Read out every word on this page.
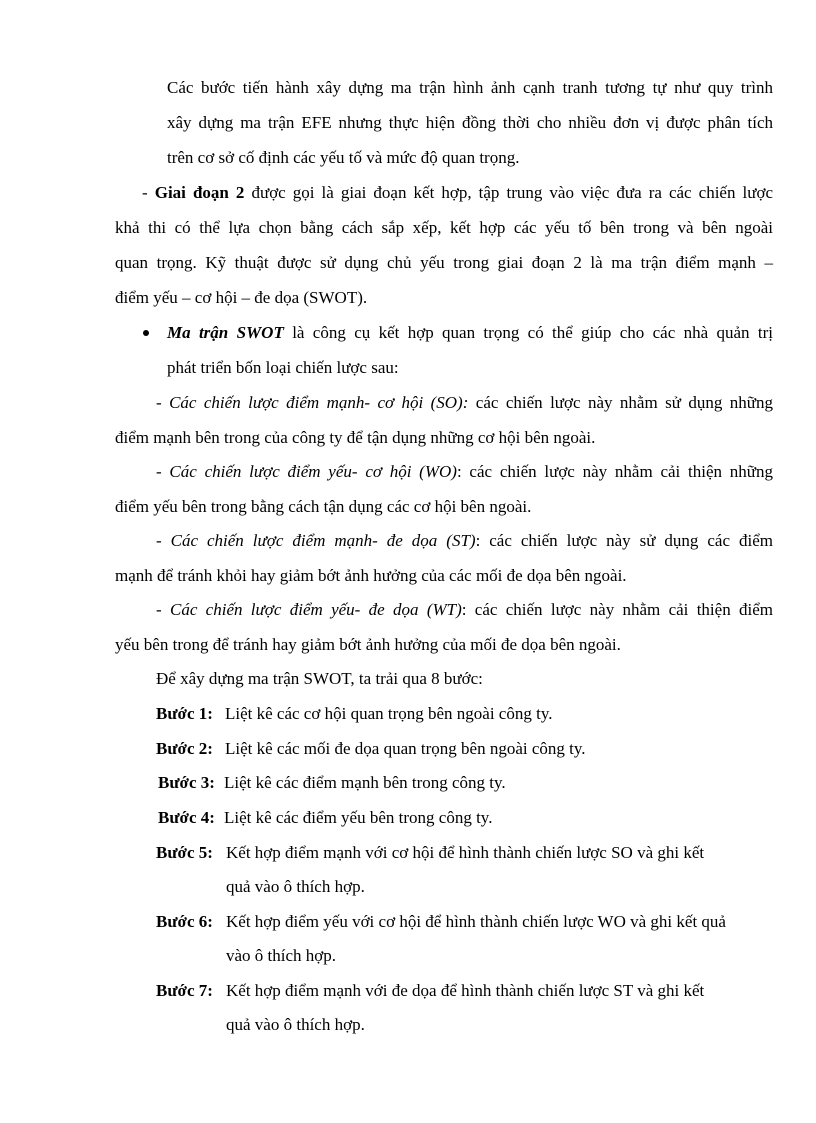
Các bước tiến hành xây dựng ma trận hình ảnh cạnh tranh tương tự như quy trình
xây dựng ma trận EFE nhưng thực hiện đồng thời cho nhiều đơn vị được phân tích
trên cơ sở cố định các yếu tố và mức độ quan trọng.
- Giai đoạn 2 được gọi là giai đoạn kết hợp, tập trung vào việc đưa ra các chiến lược
khả thi có thể lựa chọn bằng cách sắp xếp, kết hợp các yếu tố bên trong và bên ngoài
quan trọng. Kỹ thuật được sử dụng chủ yếu trong giai đoạn 2 là ma trận điểm mạnh –
điểm yếu – cơ hội – đe dọa (SWOT).
Ma trận SWOT là công cụ kết hợp quan trọng có thể giúp cho các nhà quản trị
phát triển bốn loại chiến lược sau:
- Các chiến lược điểm mạnh- cơ hội (SO): các chiến lược này nhằm sử dụng những
điểm mạnh bên trong của công ty để tận dụng những cơ hội bên ngoài.
- Các chiến lược điểm yếu- cơ hội (WO): các chiến lược này nhằm cải thiện những
điểm yếu bên trong bằng cách tận dụng các cơ hội bên ngoài.
- Các chiến lược điểm mạnh- đe dọa (ST): các chiến lược này sử dụng các điểm
mạnh để tránh khỏi hay giảm bớt ảnh hưởng của các mối đe dọa bên ngoài.
- Các chiến lược điểm yếu- đe dọa (WT): các chiến lược này nhằm cải thiện điểm
yếu bên trong để tránh hay giảm bớt ảnh hưởng của mối đe dọa bên ngoài.
Để xây dựng ma trận SWOT, ta trải qua 8 bước:
Bước 1: Liệt kê các cơ hội quan trọng bên ngoài công ty.
Bước 2: Liệt kê các mối đe dọa quan trọng bên ngoài công ty.
Bước 3: Liệt kê các điểm mạnh bên trong công ty.
Bước 4: Liệt kê các điểm yếu bên trong công ty.
Bước 5: Kết hợp điểm mạnh với cơ hội để hình thành chiến lược SO và ghi kết
quả vào ô thích hợp.
Bước 6: Kết hợp điểm yếu với cơ hội để hình thành chiến lược WO và ghi kết quả
vào ô thích hợp.
Bước 7: Kết hợp điểm mạnh với đe dọa để hình thành chiến lược ST và ghi kết
quả vào ô thích hợp.
